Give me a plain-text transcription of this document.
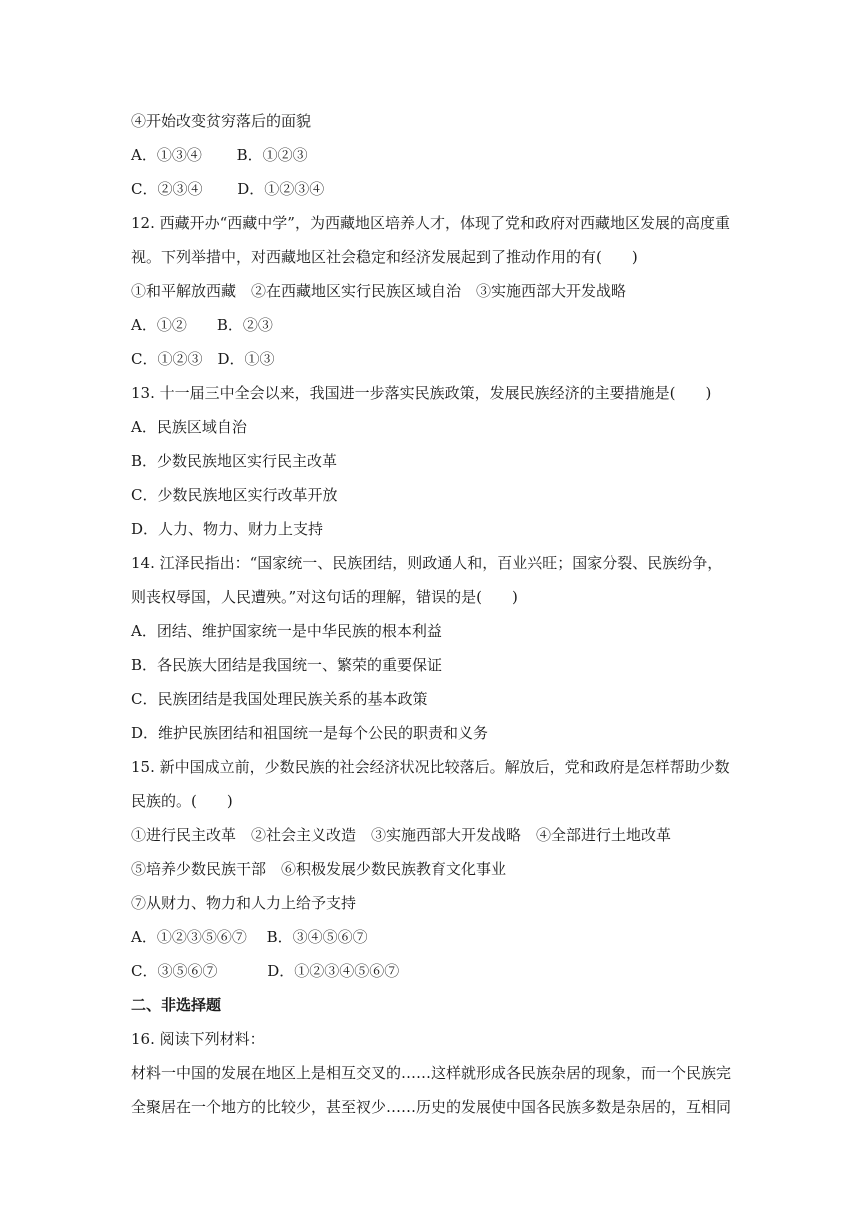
④开始改变贫穷落后的面貌
A．①③④　　 B．①②③
C．②③④　　 D．①②③④
12. 西藏开办“西藏中学”，为西藏地区培养人才，体现了党和政府对西藏地区发展的高度重
视。下列举措中，对西藏地区社会稳定和经济发展起到了推动作用的有(　　)
①和平解放西藏　②在西藏地区实行民族区域自治　③实施西部大开发战略
A．①②　　B．②③
C．①②③　D．①③
13. 十一届三中全会以来，我国进一步落实民族政策，发展民族经济的主要措施是(　　)
A．民族区域自治
B．少数民族地区实行民主改革
C．少数民族地区实行改革开放
D．人力、物力、财力上支持
14. 江泽民指出：“国家统一、民族团结，则政通人和，百业兴旺；国家分裂、民族纷争，
则丧权辱国，人民遭殃。”对这句话的理解，错误的是(　　)
A．团结、维护国家统一是中华民族的根本利益
B．各民族大团结是我国统一、繁荣的重要保证
C．民族团结是我国处理民族关系的基本政策
D．维护民族团结和祖国统一是每个公民的职责和义务
15. 新中国成立前，少数民族的社会经济状况比较落后。解放后，党和政府是怎样帮助少数
民族的。(　　)
①进行民主改革　②社会主义改造　③实施西部大开发战略　④全部进行土地改革
⑤培养少数民族干部　⑥积极发展少数民族教育文化事业
⑦从财力、物力和人力上给予支持
A．①②③⑤⑥⑦　 B．③④⑤⑥⑦
C．③⑤⑥⑦　　　 D．①②③④⑤⑥⑦
二、非选择题
16. 阅读下列材料：
材料一中国的发展在地区上是相互交叉的……这样就形成各民族杂居的现象，而一个民族完
全聚居在一个地方的比较少，甚至衩少……历史的发展使中国各民族多数是杂居的，互相同
